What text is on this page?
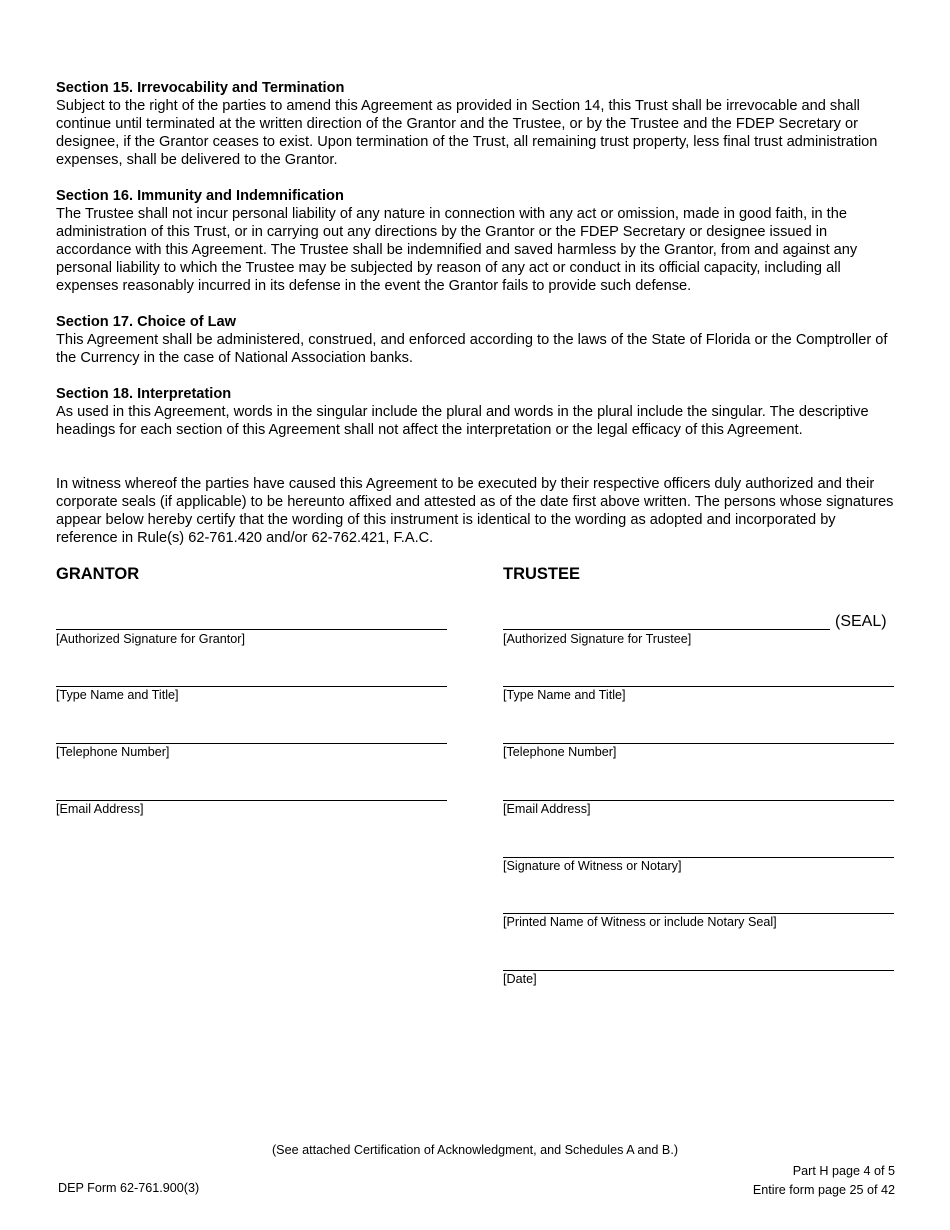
Section 15. Irrevocability and Termination

Subject to the right of the parties to amend this Agreement as provided in Section 14, this Trust shall be irrevocable and shall continue until terminated at the written direction of the Grantor and the Trustee, or by the Trustee and the FDEP Secretary or designee, if the Grantor ceases to exist. Upon termination of the Trust, all remaining trust property, less final trust administration expenses, shall be delivered to the Grantor.

Section 16. Immunity and Indemnification

The Trustee shall not incur personal liability of any nature in connection with any act or omission, made in good faith, in the administration of this Trust, or in carrying out any directions by the Grantor or the FDEP Secretary or designee issued in accordance with this Agreement. The Trustee shall be indemnified and saved harmless by the Grantor, from and against any personal liability to which the Trustee may be subjected by reason of any act or conduct in its official capacity, including all expenses reasonably incurred in its defense in the event the Grantor fails to provide such defense.

Section 17. Choice of Law

This Agreement shall be administered, construed, and enforced according to the laws of the State of Florida or the Comptroller of the Currency in the case of National Association banks.

Section 18. Interpretation

As used in this Agreement, words in the singular include the plural and words in the plural include the singular. The descriptive headings for each section of this Agreement shall not affect the interpretation or the legal efficacy of this Agreement.

In witness whereof the parties have caused this Agreement to be executed by their respective officers duly authorized and their corporate seals (if applicable) to be hereunto affixed and attested as of the date first above written. The persons whose signatures appear below hereby certify that the wording of this instrument is identical to the wording as adopted and incorporated by reference in Rule(s) 62-761.420 and/or 62-762.421, F.A.C.

GRANTOR	TRUSTEE
[Authorized Signature for Grantor]
[Type Name and Title]
[Telephone Number]
[Email Address]
(SEAL)
[Authorized Signature for Trustee]
[Type Name and Title]
[Telephone Number]
[Email Address]
[Signature of Witness or Notary]
[Printed Name of Witness or include Notary Seal]
[Date]
(See attached Certification of Acknowledgment, and Schedules A and B.)
DEP Form 62-761.900(3)
Part H page 4 of 5
Entire form page 25 of 42
